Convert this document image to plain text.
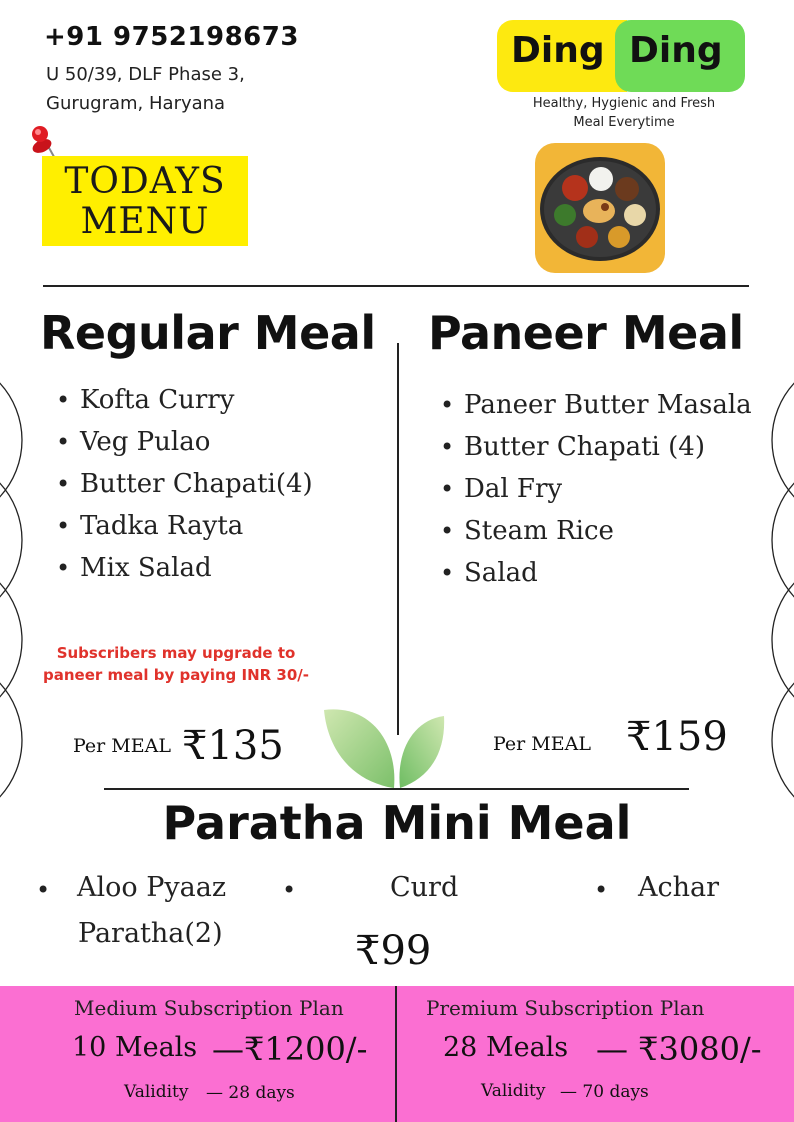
+91 9752198673
U 50/39, DLF Phase 3,
Gurugram, Haryana
TODAYS
MENU
Ding Ding
Healthy, Hygienic and Fresh
Meal Everytime
Regular Meal
• Kofta Curry
• Veg Pulao
• Butter Chapati(4)
• Tadka Rayta
• Mix Salad
Subscribers may upgrade to
paneer meal by paying INR 30/-
Per MEAL ₹135
Paneer Meal
• Paneer Butter Masala
• Butter Chapati (4)
• Dal Fry
• Steam Rice
• Salad
Per MEAL ₹159
Paratha Mini Meal
• Aloo Pyaaz
Paratha(2)
•	Curd	• Achar
₹99
Medium Subscription Plan
10 Meals —₹1200/-
Validity — 28 days
Premium Subscription Plan
28 Meals — ₹3080/-
Validity — 70 days
